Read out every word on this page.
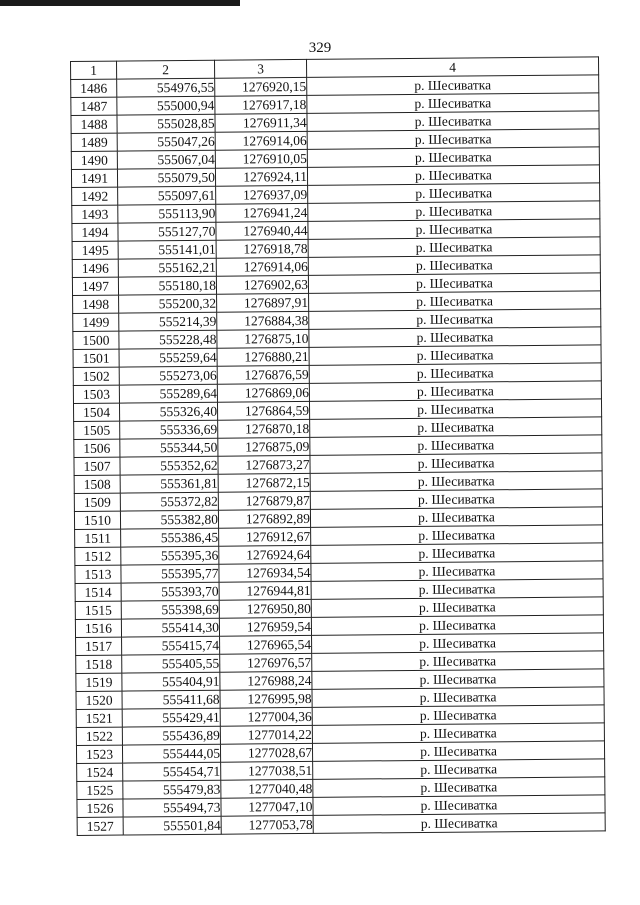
329
1	2	3	4
1486	554976,55	1276920,15	р. Шесиватка
1487	555000,94	1276917,18	р. Шесиватка
1488	555028,85	1276911,34	р. Шесиватка
1489	555047,26	1276914,06	р. Шесиватка
1490	555067,04	1276910,05	р. Шесиватка
1491	555079,50	1276924,11	р. Шесиватка
1492	555097,61	1276937,09	р. Шесиватка
1493	555113,90	1276941,24	р. Шесиватка
1494	555127,70	1276940,44	р. Шесиватка
1495	555141,01	1276918,78	р. Шесиватка
1496	555162,21	1276914,06	р. Шесиватка
1497	555180,18	1276902,63	р. Шесиватка
1498	555200,32	1276897,91	р. Шесиватка
1499	555214,39	1276884,38	р. Шесиватка
1500	555228,48	1276875,10	р. Шесиватка
1501	555259,64	1276880,21	р. Шесиватка
1502	555273,06	1276876,59	р. Шесиватка
1503	555289,64	1276869,06	р. Шесиватка
1504	555326,40	1276864,59	р. Шесиватка
1505	555336,69	1276870,18	р. Шесиватка
1506	555344,50	1276875,09	р. Шесиватка
1507	555352,62	1276873,27	р. Шесиватка
1508	555361,81	1276872,15	р. Шесиватка
1509	555372,82	1276879,87	р. Шесиватка
1510	555382,80	1276892,89	р. Шесиватка
1511	555386,45	1276912,67	р. Шесиватка
1512	555395,36	1276924,64	р. Шесиватка
1513	555395,77	1276934,54	р. Шесиватка
1514	555393,70	1276944,81	р. Шесиватка
1515	555398,69	1276950,80	р. Шесиватка
1516	555414,30	1276959,54	р. Шесиватка
1517	555415,74	1276965,54	р. Шесиватка
1518	555405,55	1276976,57	р. Шесиватка
1519	555404,91	1276988,24	р. Шесиватка
1520	555411,68	1276995,98	р. Шесиватка
1521	555429,41	1277004,36	р. Шесиватка
1522	555436,89	1277014,22	р. Шесиватка
1523	555444,05	1277028,67	р. Шесиватка
1524	555454,71	1277038,51	р. Шесиватка
1525	555479,83	1277040,48	р. Шесиватка
1526	555494,73	1277047,10	р. Шесиватка
1527	555501,84	1277053,78	р. Шесиватка
